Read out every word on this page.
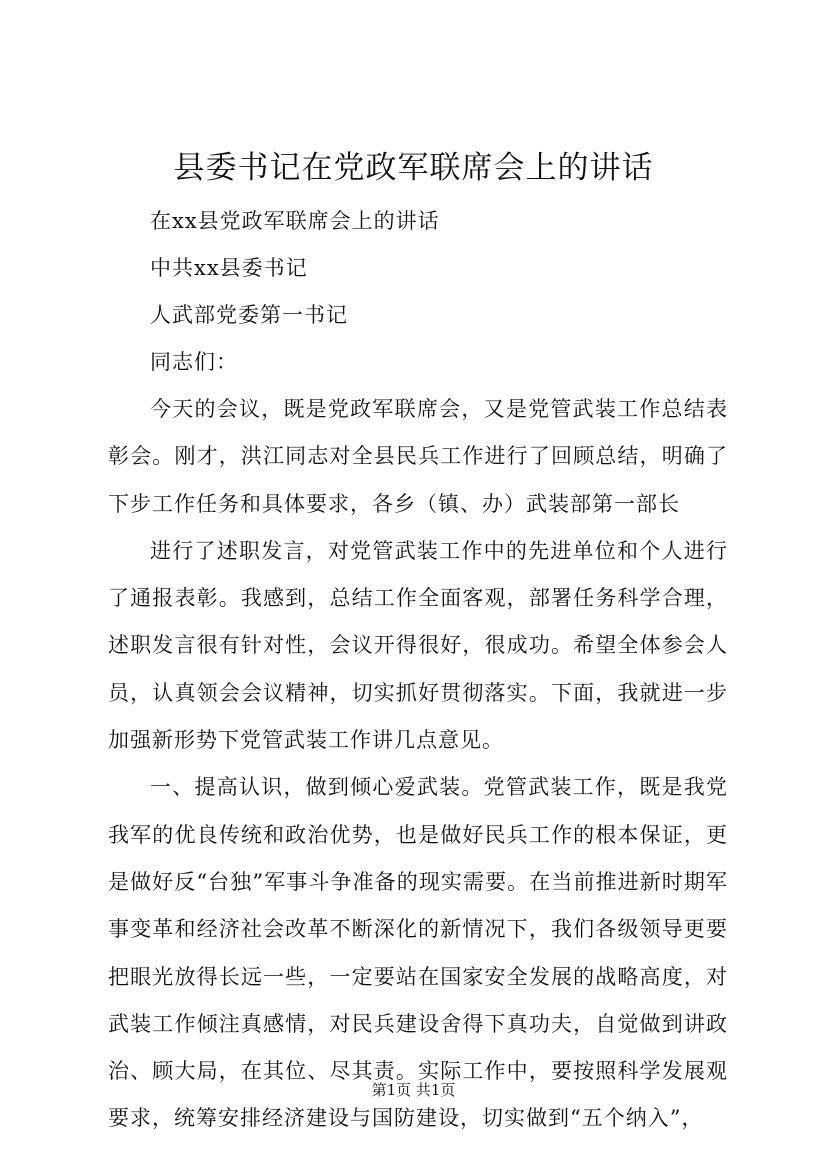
县委书记在党政军联席会上的讲话

在xx县党政军联席会上的讲话

中共xx县委书记

人武部党委第一书记

同志们：

今天的会议，既是党政军联席会，又是党管武装工作总结表彰会。刚才，洪江同志对全县民兵工作进行了回顾总结，明确了下步工作任务和具体要求，各乡（镇、办）武装部第一部长

进行了述职发言，对党管武装工作中的先进单位和个人进行了通报表彰。我感到，总结工作全面客观，部署任务科学合理，述职发言很有针对性，会议开得很好，很成功。希望全体参会人员，认真领会会议精神，切实抓好贯彻落实。下面，我就进一步加强新形势下党管武装工作讲几点意见。

一、提高认识，做到倾心爱武装。党管武装工作，既是我党我军的优良传统和政治优势，也是做好民兵工作的根本保证，更是做好反“台独”军事斗争准备的现实需要。在当前推进新时期军事变革和经济社会改革不断深化的新情况下，我们各级领导更要把眼光放得长远一些，一定要站在国家安全发展的战略高度，对武装工作倾注真感情，对民兵建设舍得下真功夫，自觉做到讲政治、顾大局，在其位、尽其责。实际工作中，要按照科学发展观要求，统筹安排经济建设与国防建设，切实做到“五个纳入”，

第1页 共1页
